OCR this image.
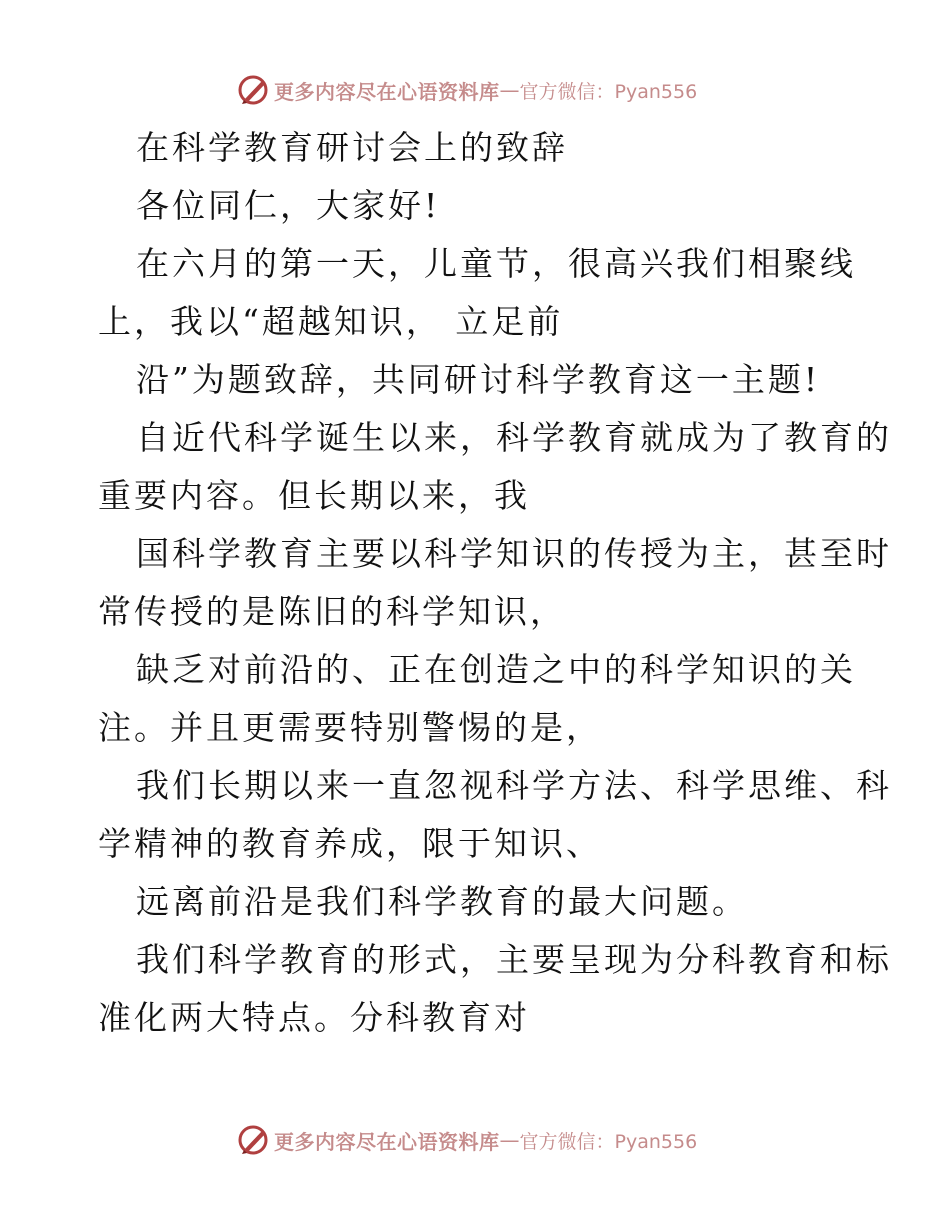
更多内容尽在心语资料库 — 官方微信：Pyan556
在科学教育研讨会上的致辞
各位同仁，大家好!
在六月的第一天，儿童节，很高兴我们相聚线
上，我以“超越知识， 立足前
沿”为题致辞，共同研讨科学教育这一主题!
自近代科学诞生以来，科学教育就成为了教育的
重要内容。但长期以来，我
国科学教育主要以科学知识的传授为主，甚至时
常传授的是陈旧的科学知识，
缺乏对前沿的、正在创造之中的科学知识的关
注。并且更需要特别警惕的是，
我们长期以来一直忽视科学方法、科学思维、科
学精神的教育养成，限于知识、
远离前沿是我们科学教育的最大问题。
我们科学教育的形式，主要呈现为分科教育和标
准化两大特点。分科教育对
更多内容尽在心语资料库 — 官方微信：Pyan556
